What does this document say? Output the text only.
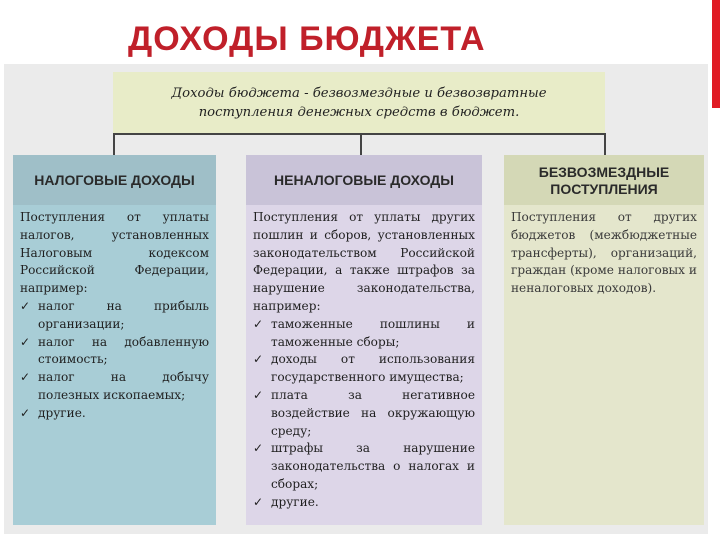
ДОХОДЫ БЮДЖЕТА
Доходы бюджета - безвозмездные и безвозвратные
поступления денежных средств в бюджет.
НАЛОГОВЫЕ ДОХОДЫ

Поступления от уплаты налогов, установленных Налоговым кодексом Российской Федерации, например:

✓ налог на прибыль организации;
✓ налог на добавленную стоимость;
✓ налог на добычу полезных ископаемых;
✓ другие.
НЕНАЛОГОВЫЕ ДОХОДЫ

Поступления от уплаты других пошлин и сборов, установленных законодательством Российской Федерации, а также штрафов за нарушение законодательства, например:

✓ таможенные пошлины и таможенные сборы;
✓ доходы от использования государственного имущества;
✓ плата за негативное воздействие на окружающую среду;
✓ штрафы за нарушение законодательства о налогах и сборах;
✓ другие.
БЕЗВОЗМЕЗДНЫЕ
ПОСТУПЛЕНИЯ

Поступления от других бюджетов (межбюджетные трансферты), организаций, граждан (кроме налоговых и неналоговых доходов).
